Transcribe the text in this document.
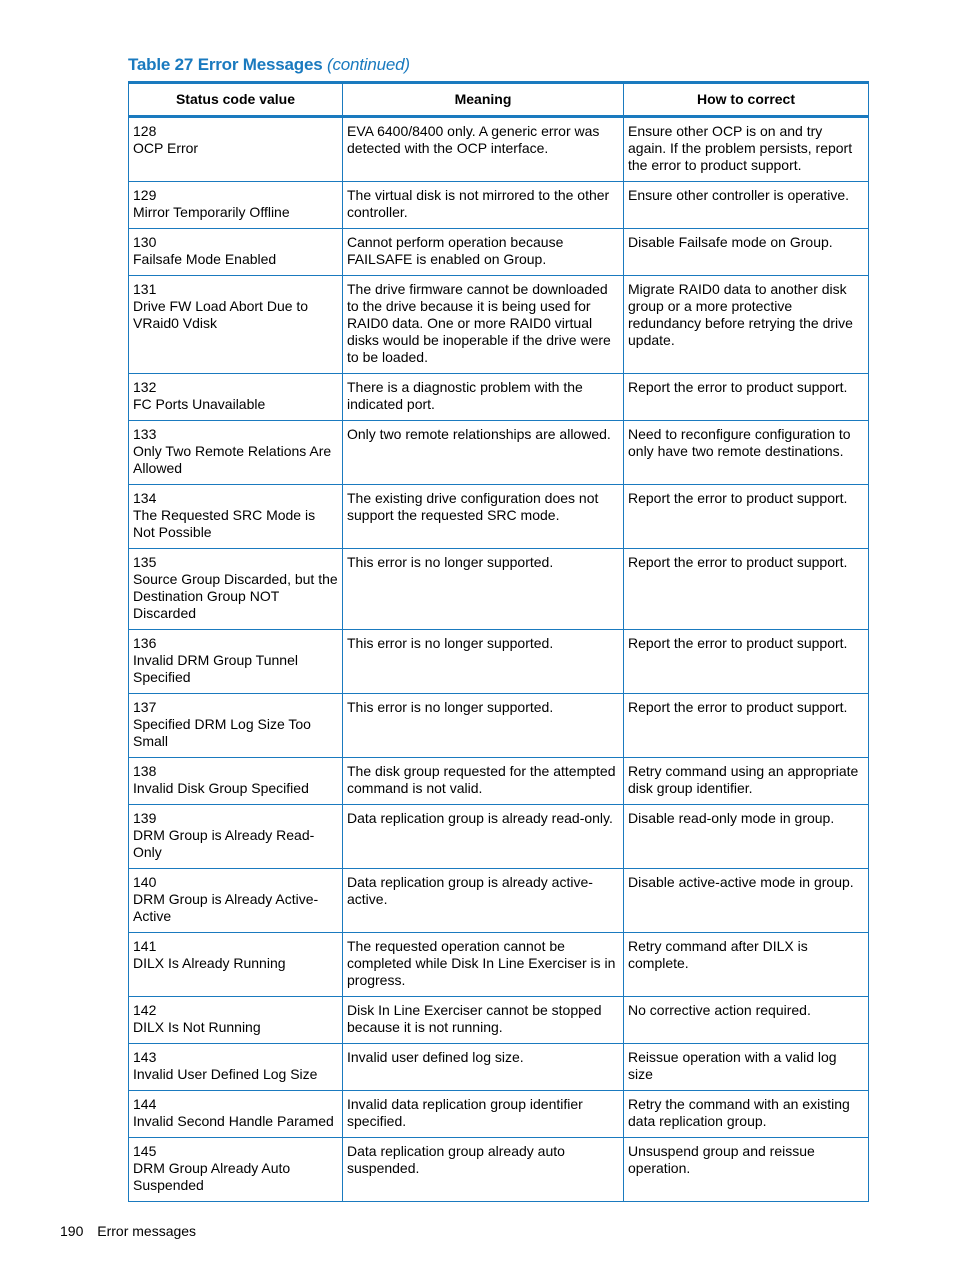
Table 27 Error Messages (continued)
Status code value	Meaning	How to correct

128
OCP Error	EVA 6400/8400 only. A generic error was detected with the OCP interface.	Ensure other OCP is on and try again. If the problem persists, report the error to product support.

129
Mirror Temporarily Offline	The virtual disk is not mirrored to the other controller.	Ensure other controller is operative.

130
Failsafe Mode Enabled	Cannot perform operation because FAILSAFE is enabled on Group.	Disable Failsafe mode on Group.

131
Drive FW Load Abort Due to VRaid0 Vdisk	The drive firmware cannot be downloaded to the drive because it is being used for RAID0 data. One or more RAID0 virtual disks would be inoperable if the drive were to be loaded.	Migrate RAID0 data to another disk group or a more protective redundancy before retrying the drive update.

132
FC Ports Unavailable	There is a diagnostic problem with the indicated port.	Report the error to product support.

133
Only Two Remote Relations Are Allowed	Only two remote relationships are allowed.	Need to reconfigure configuration to only have two remote destinations.

134
The Requested SRC Mode is Not Possible	The existing drive configuration does not support the requested SRC mode.	Report the error to product support.

135
Source Group Discarded, but the Destination Group NOT Discarded	This error is no longer supported.	Report the error to product support.

136
Invalid DRM Group Tunnel Specified	This error is no longer supported.	Report the error to product support.

137
Specified DRM Log Size Too Small	This error is no longer supported.	Report the error to product support.

138
Invalid Disk Group Specified	The disk group requested for the attempted command is not valid.	Retry command using an appropriate disk group identifier.

139
DRM Group is Already Read-Only	Data replication group is already read-only.	Disable read-only mode in group.

140
DRM Group is Already Active-Active	Data replication group is already active-active.	Disable active-active mode in group.

141
DILX Is Already Running	The requested operation cannot be completed while Disk In Line Exerciser is in progress.	Retry command after DILX is complete.

142
DILX Is Not Running	Disk In Line Exerciser cannot be stopped because it is not running.	No corrective action required.

143
Invalid User Defined Log Size	Invalid user defined log size.	Reissue operation with a valid log size

144
Invalid Second Handle Paramed	Invalid data replication group identifier specified.	Retry the command with an existing data replication group.

145
DRM Group Already Auto Suspended	Data replication group already auto suspended.	Unsuspend group and reissue operation.
190 Error messages
